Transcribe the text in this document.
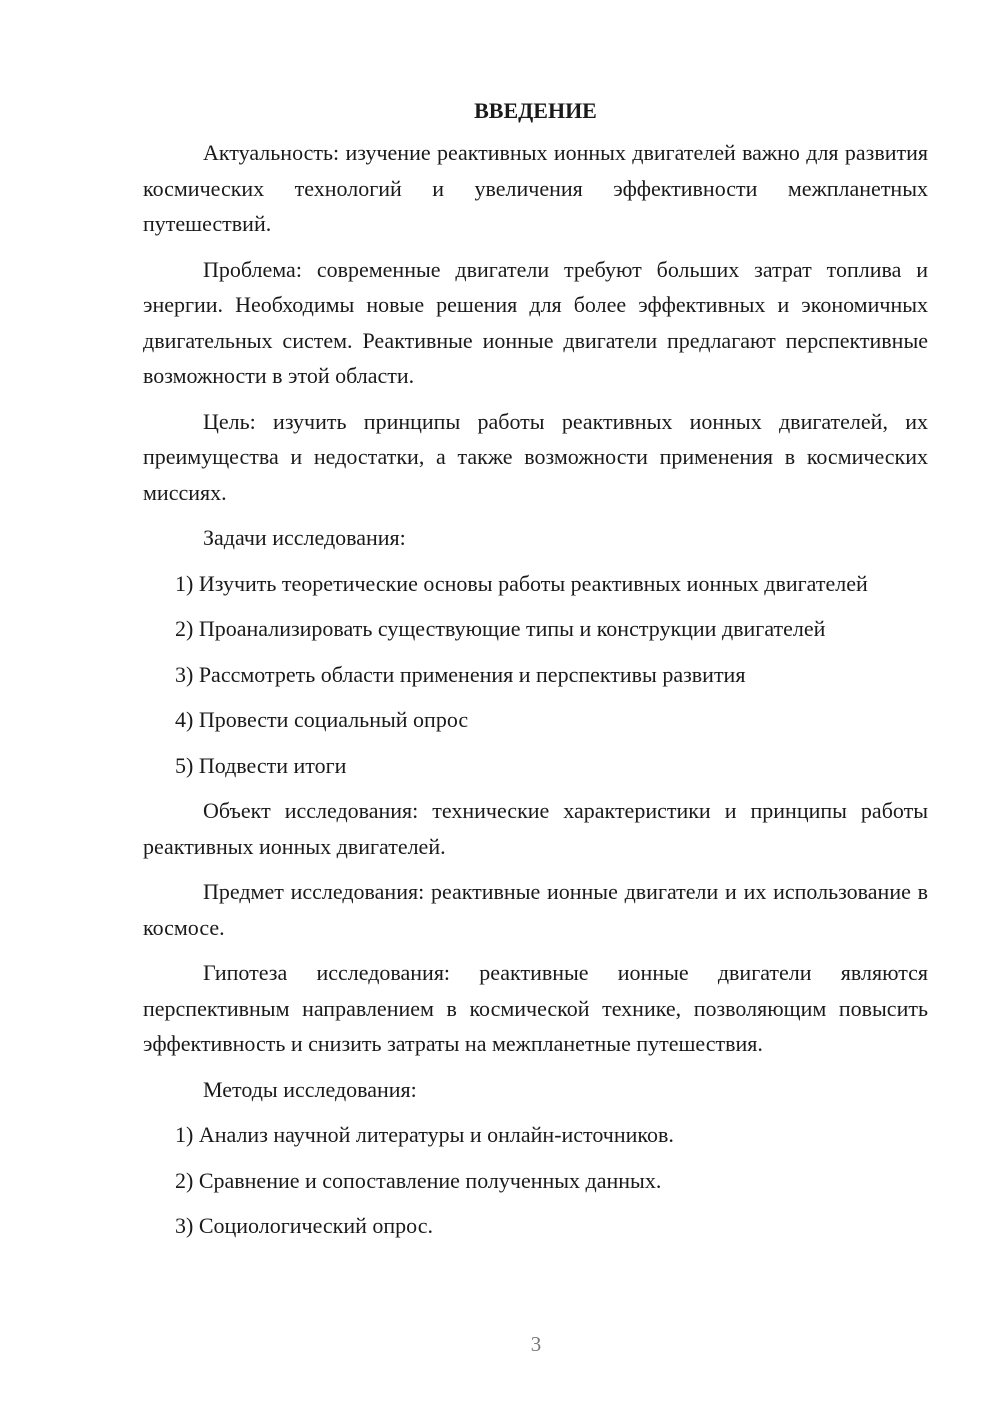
ВВЕДЕНИЕ

Актуальность: изучение реактивных ионных двигателей важно для развития космических технологий и увеличения эффективности межпланетных путешествий.

Проблема: современные двигатели требуют больших затрат топлива и энергии. Необходимы новые решения для более эффективных и экономичных двигательных систем. Реактивные ионные двигатели предлагают перспективные возможности в этой области.

Цель: изучить принципы работы реактивных ионных двигателей, их преимущества и недостатки, а также возможности применения в космических миссиях.

Задачи исследования:

1) Изучить теоретические основы работы реактивных ионных двигателей

2) Проанализировать существующие типы и конструкции двигателей

3) Рассмотреть области применения и перспективы развития

4) Провести социальный опрос

5) Подвести итоги

Объект исследования: технические характеристики и принципы работы реактивных ионных двигателей.

Предмет исследования: реактивные ионные двигатели и их использование в космосе.

Гипотеза исследования: реактивные ионные двигатели являются перспективным направлением в космической технике, позволяющим повысить эффективность и снизить затраты на межпланетные путешествия.

Методы исследования:

1) Анализ научной литературы и онлайн-источников.

2) Сравнение и сопоставление полученных данных.

3) Социологический опрос.

3
